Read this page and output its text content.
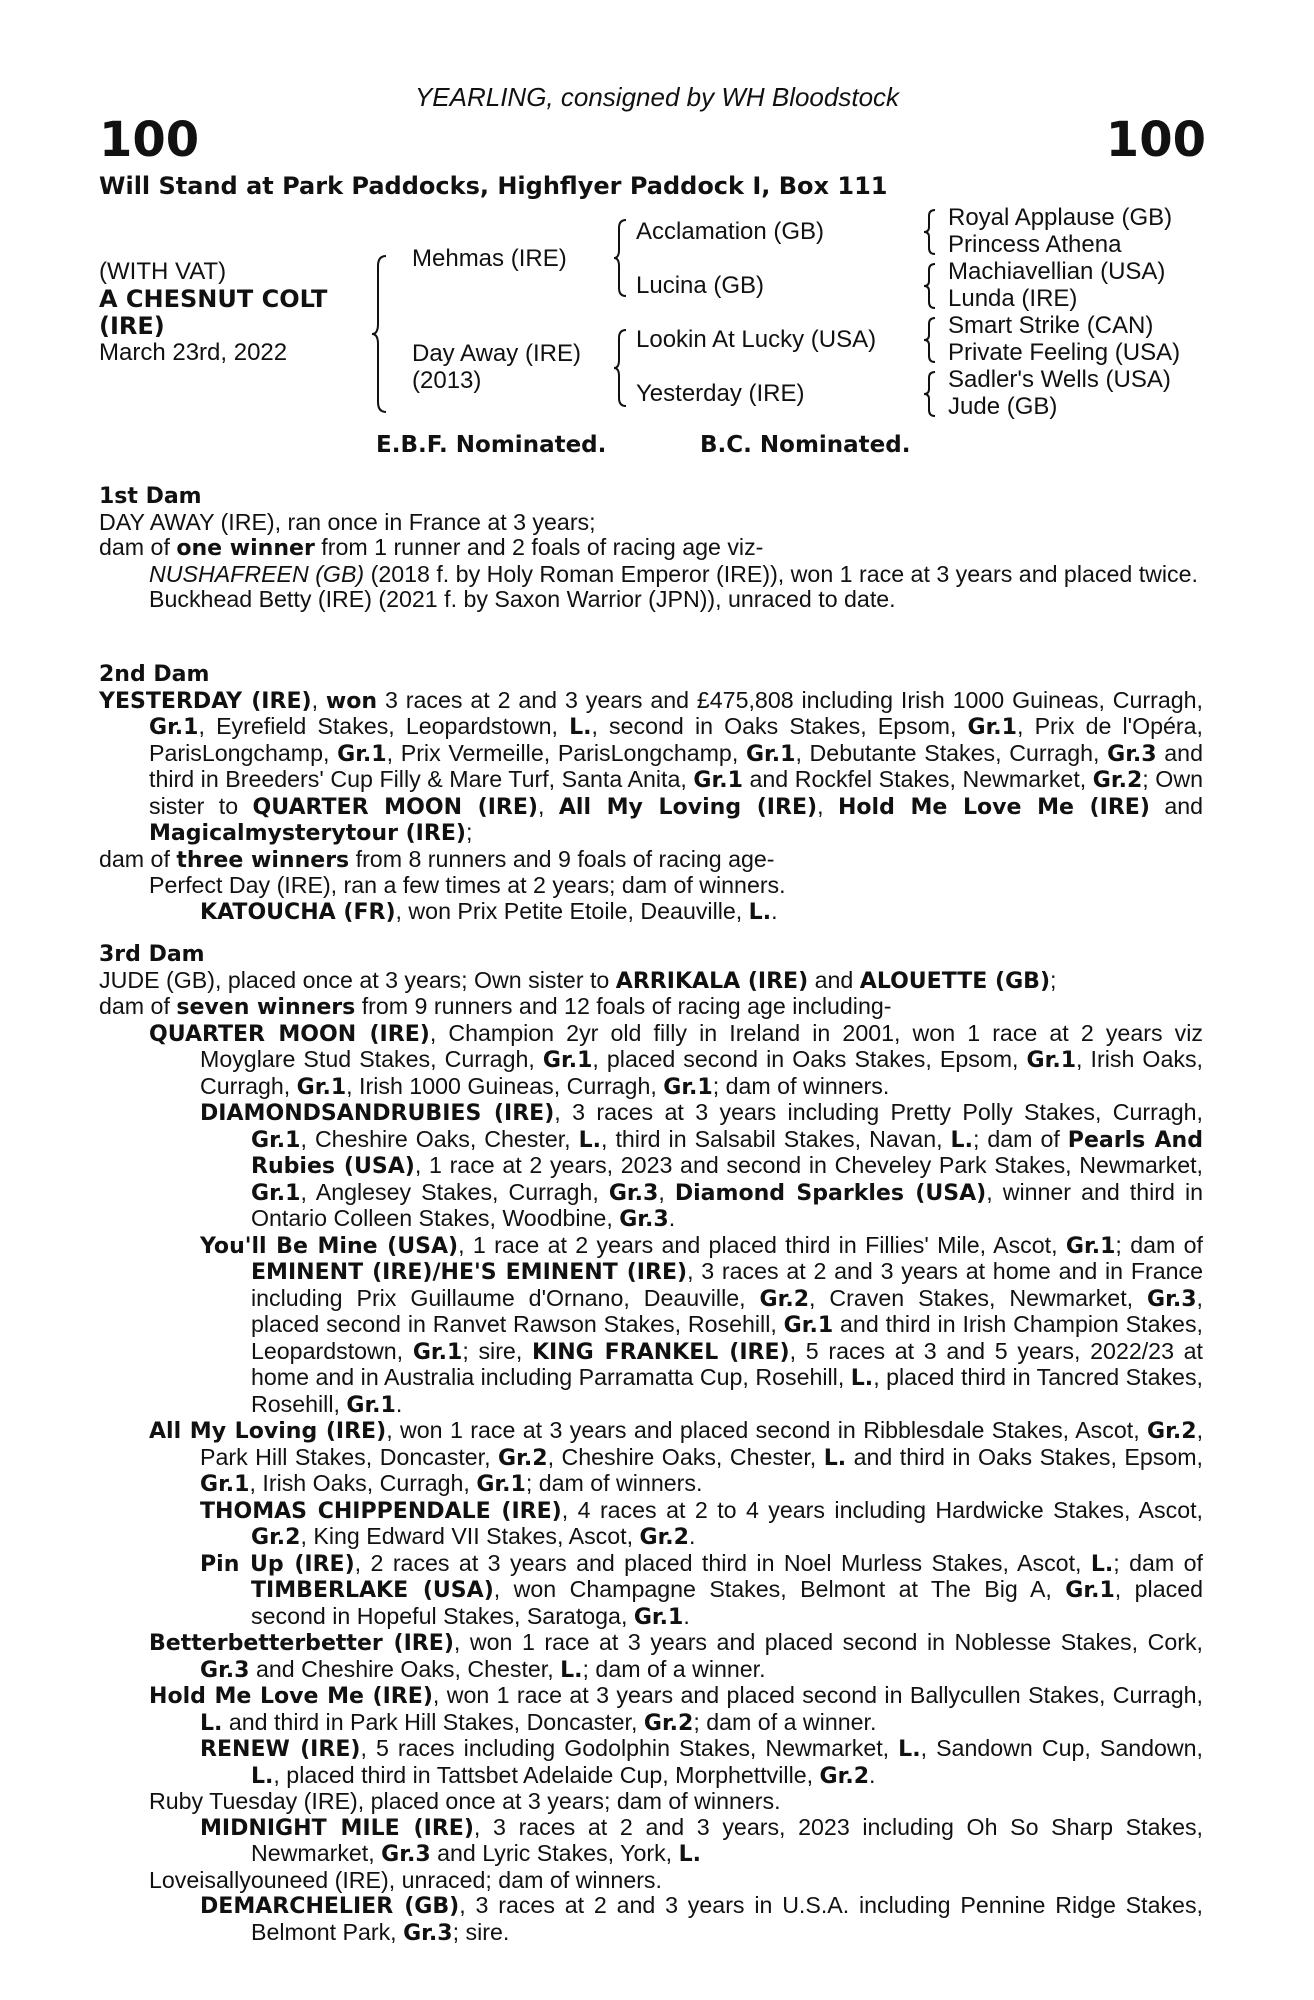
YEARLING, consigned by WH Bloodstock
100	100
Will Stand at Park Paddocks, Highflyer Paddock I, Box 111
(WITH VAT)
A CHESNUT COLT
(IRE)
March 23rd, 2022
Mehmas (IRE)
Day Away (IRE)
(2013)
Acclamation (GB)
Lucina (GB)
Lookin At Lucky (USA)
Yesterday (IRE)
Royal Applause (GB)
Princess Athena
Machiavellian (USA)
Lunda (IRE)
Smart Strike (CAN)
Private Feeling (USA)
Sadler's Wells (USA)
Jude (GB)
E.B.F. Nominated.	B.C. Nominated.

1st Dam

DAY AWAY (IRE), ran once in France at 3 years;

dam of one winner from 1 runner and 2 foals of racing age viz-

NUSHAFREEN (GB) (2018 f. by Holy Roman Emperor (IRE)), won 1 race at 3 years and placed twice.

Buckhead Betty (IRE) (2021 f. by Saxon Warrior (JPN)), unraced to date.

2nd Dam

YESTERDAY (IRE), won 3 races at 2 and 3 years and £475,808 including Irish 1000 Guineas, Curragh, Gr.1, Eyrefield Stakes, Leopardstown, L., second in Oaks Stakes, Epsom, Gr.1, Prix de l'Opéra, ParisLongchamp, Gr.1, Prix Vermeille, ParisLongchamp, Gr.1, Debutante Stakes, Curragh, Gr.3 and third in Breeders' Cup Filly & Mare Turf, Santa Anita, Gr.1 and Rockfel Stakes, Newmarket, Gr.2; Own sister to QUARTER MOON (IRE), All My Loving (IRE), Hold Me Love Me (IRE) and Magicalmysterytour (IRE);

dam of three winners from 8 runners and 9 foals of racing age-

Perfect Day (IRE), ran a few times at 2 years; dam of winners.

KATOUCHA (FR), won Prix Petite Etoile, Deauville, L..

3rd Dam

JUDE (GB), placed once at 3 years; Own sister to ARRIKALA (IRE) and ALOUETTE (GB);

dam of seven winners from 9 runners and 12 foals of racing age including-

QUARTER MOON (IRE), Champion 2yr old filly in Ireland in 2001, won 1 race at 2 years viz Moyglare Stud Stakes, Curragh, Gr.1, placed second in Oaks Stakes, Epsom, Gr.1, Irish Oaks, Curragh, Gr.1, Irish 1000 Guineas, Curragh, Gr.1; dam of winners.

DIAMONDSANDRUBIES (IRE), 3 races at 3 years including Pretty Polly Stakes, Curragh, Gr.1, Cheshire Oaks, Chester, L., third in Salsabil Stakes, Navan, L.; dam of Pearls And Rubies (USA), 1 race at 2 years, 2023 and second in Cheveley Park Stakes, Newmarket, Gr.1, Anglesey Stakes, Curragh, Gr.3, Diamond Sparkles (USA), winner and third in Ontario Colleen Stakes, Woodbine, Gr.3.

You'll Be Mine (USA), 1 race at 2 years and placed third in Fillies' Mile, Ascot, Gr.1; dam of EMINENT (IRE)/HE'S EMINENT (IRE), 3 races at 2 and 3 years at home and in France including Prix Guillaume d'Ornano, Deauville, Gr.2, Craven Stakes, Newmarket, Gr.3, placed second in Ranvet Rawson Stakes, Rosehill, Gr.1 and third in Irish Champion Stakes, Leopardstown, Gr.1; sire, KING FRANKEL (IRE), 5 races at 3 and 5 years, 2022/23 at home and in Australia including Parramatta Cup, Rosehill, L., placed third in Tancred Stakes, Rosehill, Gr.1.

All My Loving (IRE), won 1 race at 3 years and placed second in Ribblesdale Stakes, Ascot, Gr.2, Park Hill Stakes, Doncaster, Gr.2, Cheshire Oaks, Chester, L. and third in Oaks Stakes, Epsom, Gr.1, Irish Oaks, Curragh, Gr.1; dam of winners.

THOMAS CHIPPENDALE (IRE), 4 races at 2 to 4 years including Hardwicke Stakes, Ascot, Gr.2, King Edward VII Stakes, Ascot, Gr.2.

Pin Up (IRE), 2 races at 3 years and placed third in Noel Murless Stakes, Ascot, L.; dam of TIMBERLAKE (USA), won Champagne Stakes, Belmont at The Big A, Gr.1, placed second in Hopeful Stakes, Saratoga, Gr.1.

Betterbetterbetter (IRE), won 1 race at 3 years and placed second in Noblesse Stakes, Cork, Gr.3 and Cheshire Oaks, Chester, L.; dam of a winner.

Hold Me Love Me (IRE), won 1 race at 3 years and placed second in Ballycullen Stakes, Curragh, L. and third in Park Hill Stakes, Doncaster, Gr.2; dam of a winner.

RENEW (IRE), 5 races including Godolphin Stakes, Newmarket, L., Sandown Cup, Sandown, L., placed third in Tattsbet Adelaide Cup, Morphettville, Gr.2.

Ruby Tuesday (IRE), placed once at 3 years; dam of winners.

MIDNIGHT MILE (IRE), 3 races at 2 and 3 years, 2023 including Oh So Sharp Stakes, Newmarket, Gr.3 and Lyric Stakes, York, L.

Loveisallyouneed (IRE), unraced; dam of winners.

DEMARCHELIER (GB), 3 races at 2 and 3 years in U.S.A. including Pennine Ridge Stakes, Belmont Park, Gr.3; sire.
